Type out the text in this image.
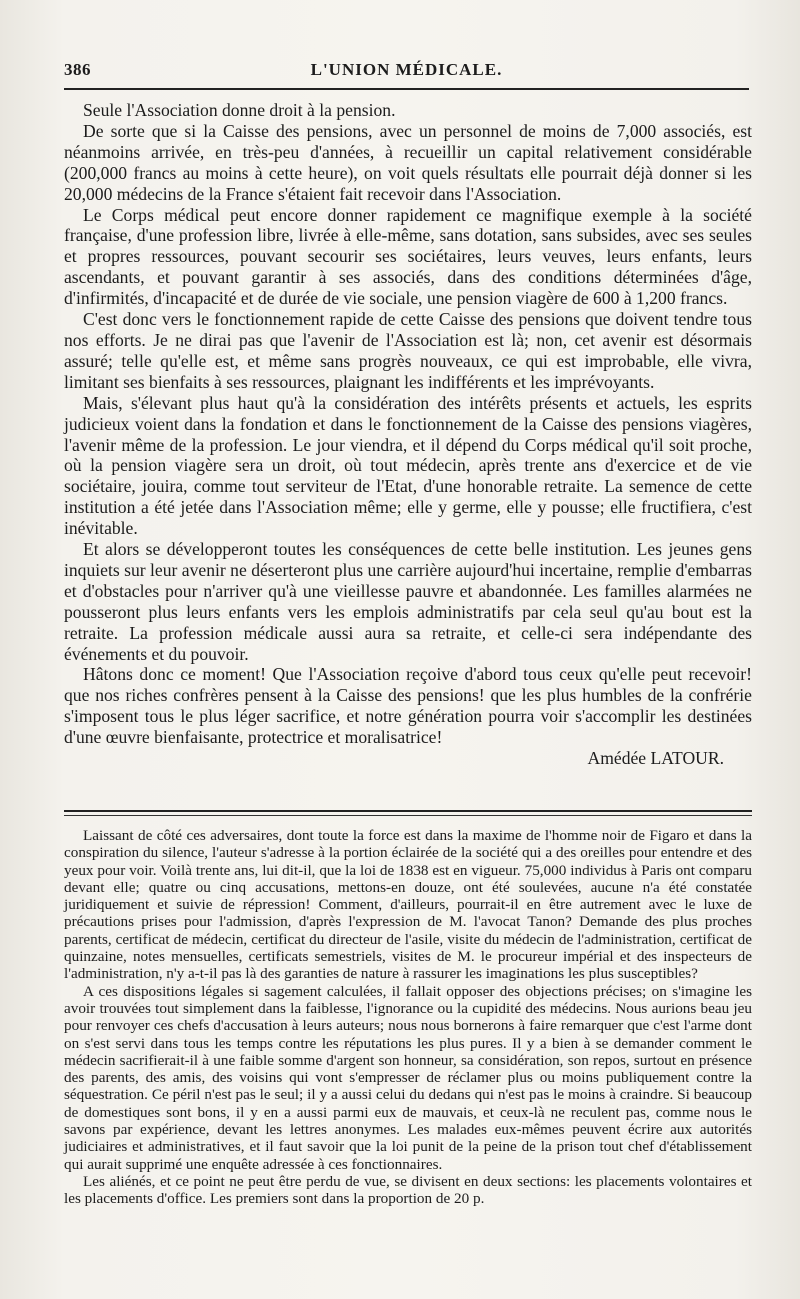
386	L'UNION MÉDICALE.

Seule l'Association donne droit à la pension.

De sorte que si la Caisse des pensions, avec un personnel de moins de 7,000 associés, est néanmoins arrivée, en très-peu d'années, à recueillir un capital relativement considérable (200,000 francs au moins à cette heure), on voit quels résultats elle pourrait déjà donner si les 20,000 médecins de la France s'étaient fait recevoir dans l'Association.

Le Corps médical peut encore donner rapidement ce magnifique exemple à la société française, d'une profession libre, livrée à elle-même, sans dotation, sans subsides, avec ses seules et propres ressources, pouvant secourir ses sociétaires, leurs veuves, leurs enfants, leurs ascendants, et pouvant garantir à ses associés, dans des conditions déterminées d'âge, d'infirmités, d'incapacité et de durée de vie sociale, une pension viagère de 600 à 1,200 francs.

C'est donc vers le fonctionnement rapide de cette Caisse des pensions que doivent tendre tous nos efforts. Je ne dirai pas que l'avenir de l'Association est là; non, cet avenir est désormais assuré; telle qu'elle est, et même sans progrès nouveaux, ce qui est improbable, elle vivra, limitant ses bienfaits à ses ressources, plaignant les indifférents et les imprévoyants.

Mais, s'élevant plus haut qu'à la considération des intérêts présents et actuels, les esprits judicieux voient dans la fondation et dans le fonctionnement de la Caisse des pensions viagères, l'avenir même de la profession. Le jour viendra, et il dépend du Corps médical qu'il soit proche, où la pension viagère sera un droit, où tout médecin, après trente ans d'exercice et de vie sociétaire, jouira, comme tout serviteur de l'Etat, d'une honorable retraite. La semence de cette institution a été jetée dans l'Association même; elle y germe, elle y pousse; elle fructifiera, c'est inévitable.

Et alors se développeront toutes les conséquences de cette belle institution. Les jeunes gens inquiets sur leur avenir ne déserteront plus une carrière aujourd'hui incertaine, remplie d'embarras et d'obstacles pour n'arriver qu'à une vieillesse pauvre et abandonnée. Les familles alarmées ne pousseront plus leurs enfants vers les emplois administratifs par cela seul qu'au bout est la retraite. La profession médicale aussi aura sa retraite, et celle-ci sera indépendante des événements et du pouvoir.

Hâtons donc ce moment! Que l'Association reçoive d'abord tous ceux qu'elle peut recevoir! que nos riches confrères pensent à la Caisse des pensions! que les plus humbles de la confrérie s'imposent tous le plus léger sacrifice, et notre génération pourra voir s'accomplir les destinées d'une œuvre bienfaisante, protectrice et moralisatrice!

Amédée LATOUR.

Laissant de côté ces adversaires, dont toute la force est dans la maxime de l'homme noir de Figaro et dans la conspiration du silence, l'auteur s'adresse à la portion éclairée de la société qui a des oreilles pour entendre et des yeux pour voir. Voilà trente ans, lui dit-il, que la loi de 1838 est en vigueur. 75,000 individus à Paris ont comparu devant elle; quatre ou cinq accusations, mettons-en douze, ont été soulevées, aucune n'a été constatée juridiquement et suivie de répression! Comment, d'ailleurs, pourrait-il en être autrement avec le luxe de précautions prises pour l'admission, d'après l'expression de M. l'avocat Tanon? Demande des plus proches parents, certificat de médecin, certificat du directeur de l'asile, visite du médecin de l'administration, certificat de quinzaine, notes mensuelles, certificats semestriels, visites de M. le procureur impérial et des inspecteurs de l'administration, n'y a-t-il pas là des garanties de nature à rassurer les imaginations les plus susceptibles?

A ces dispositions légales si sagement calculées, il fallait opposer des objections précises; on s'imagine les avoir trouvées tout simplement dans la faiblesse, l'ignorance ou la cupidité des médecins. Nous aurions beau jeu pour renvoyer ces chefs d'accusation à leurs auteurs; nous nous bornerons à faire remarquer que c'est l'arme dont on s'est servi dans tous les temps contre les réputations les plus pures. Il y a bien à se demander comment le médecin sacrifierait-il à une faible somme d'argent son honneur, sa considération, son repos, surtout en présence des parents, des amis, des voisins qui vont s'empresser de réclamer plus ou moins publiquement contre la séquestration. Ce péril n'est pas le seul; il y a aussi celui du dedans qui n'est pas le moins à craindre. Si beaucoup de domestiques sont bons, il y en a aussi parmi eux de mauvais, et ceux-là ne reculent pas, comme nous le savons par expérience, devant les lettres anonymes. Les malades eux-mêmes peuvent écrire aux autorités judiciaires et administratives, et il faut savoir que la loi punit de la peine de la prison tout chef d'établissement qui aurait supprimé une enquête adressée à ces fonctionnaires.

Les aliénés, et ce point ne peut être perdu de vue, se divisent en deux sections: les placements volontaires et les placements d'office. Les premiers sont dans la proportion de 20 p.
